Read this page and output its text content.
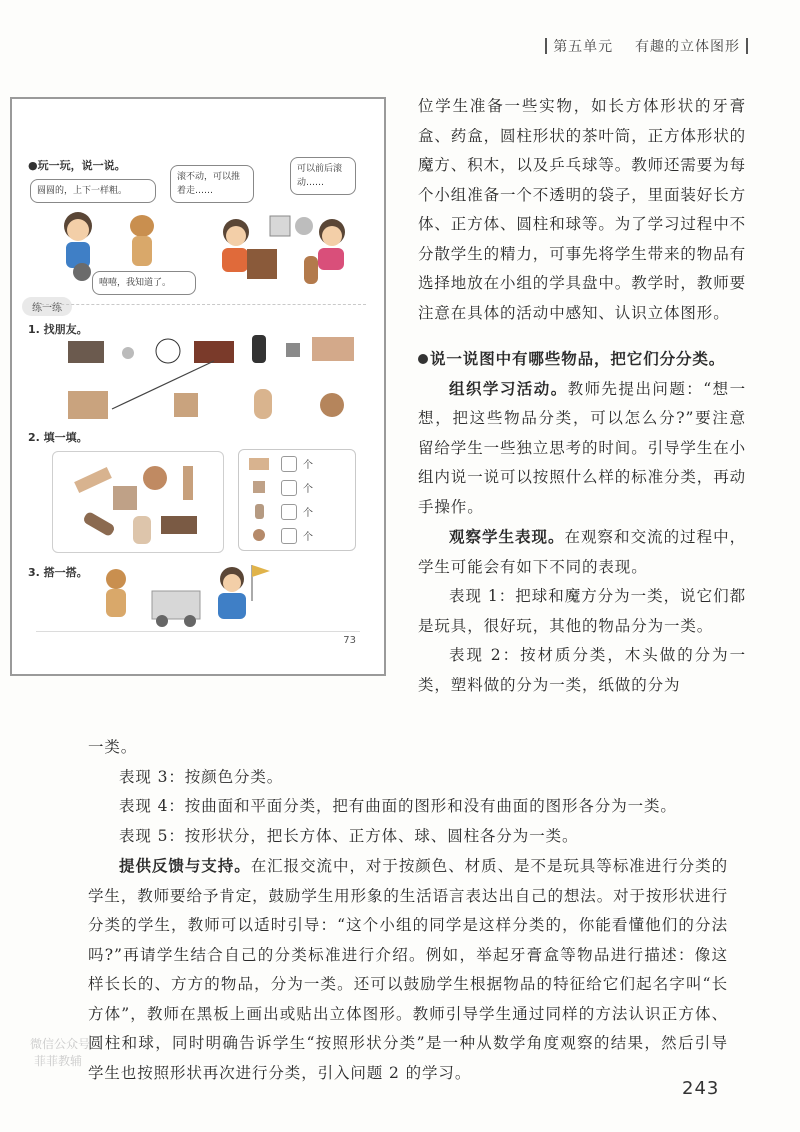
第五单元 有趣的立体图形
●玩一玩，说一说。
圆圆的，上下一样粗。
滚不动，可以推着走……
可以前后滚动……
嘻嘻，我知道了。
练一练
1. 找朋友。
2. 填一填。
个
个
个
个
3. 搭一搭。
73

位学生准备一些实物，如长方体形状的牙膏盒、药盒，圆柱形状的茶叶筒，正方体形状的魔方、积木，以及乒乓球等。教师还需要为每个小组准备一个不透明的袋子，里面装好长方体、正方体、圆柱和球等。为了学习过程中不分散学生的精力，可事先将学生带来的物品有选择地放在小组的学具盘中。教学时，教师要注意在具体的活动中感知、认识立体图形。

说一说图中有哪些物品，把它们分分类。

组织学习活动。教师先提出问题：“想一想，把这些物品分类，可以怎么分?”要注意留给学生一些独立思考的时间。引导学生在小组内说一说可以按照什么样的标准分类，再动手操作。

观察学生表现。在观察和交流的过程中，学生可能会有如下不同的表现。

表现 1：把球和魔方分为一类，说它们都是玩具，很好玩，其他的物品分为一类。

表现 2：按材质分类，木头做的分为一类，塑料做的分为一类，纸做的分为

一类。

表现 3：按颜色分类。

表现 4：按曲面和平面分类，把有曲面的图形和没有曲面的图形各分为一类。

表现 5：按形状分，把长方体、正方体、球、圆柱各分为一类。

提供反馈与支持。在汇报交流中，对于按颜色、材质、是不是玩具等标准进行分类的学生，教师要给予肯定，鼓励学生用形象的生活语言表达出自己的想法。对于按形状进行分类的学生，教师可以适时引导：“这个小组的同学是这样分类的，你能看懂他们的分法吗?”再请学生结合自己的分类标准进行介绍。例如，举起牙膏盒等物品进行描述：像这样长长的、方方的物品，分为一类。还可以鼓励学生根据物品的特征给它们起名字叫“长方体”，教师在黑板上画出或贴出立体图形。教师引导学生通过同样的方法认识正方体、圆柱和球，同时明确告诉学生“按照形状分类”是一种从数学角度观察的结果，然后引导学生也按照形状再次进行分类，引入问题 2 的学习。

微信公众号
菲菲教辅
243
